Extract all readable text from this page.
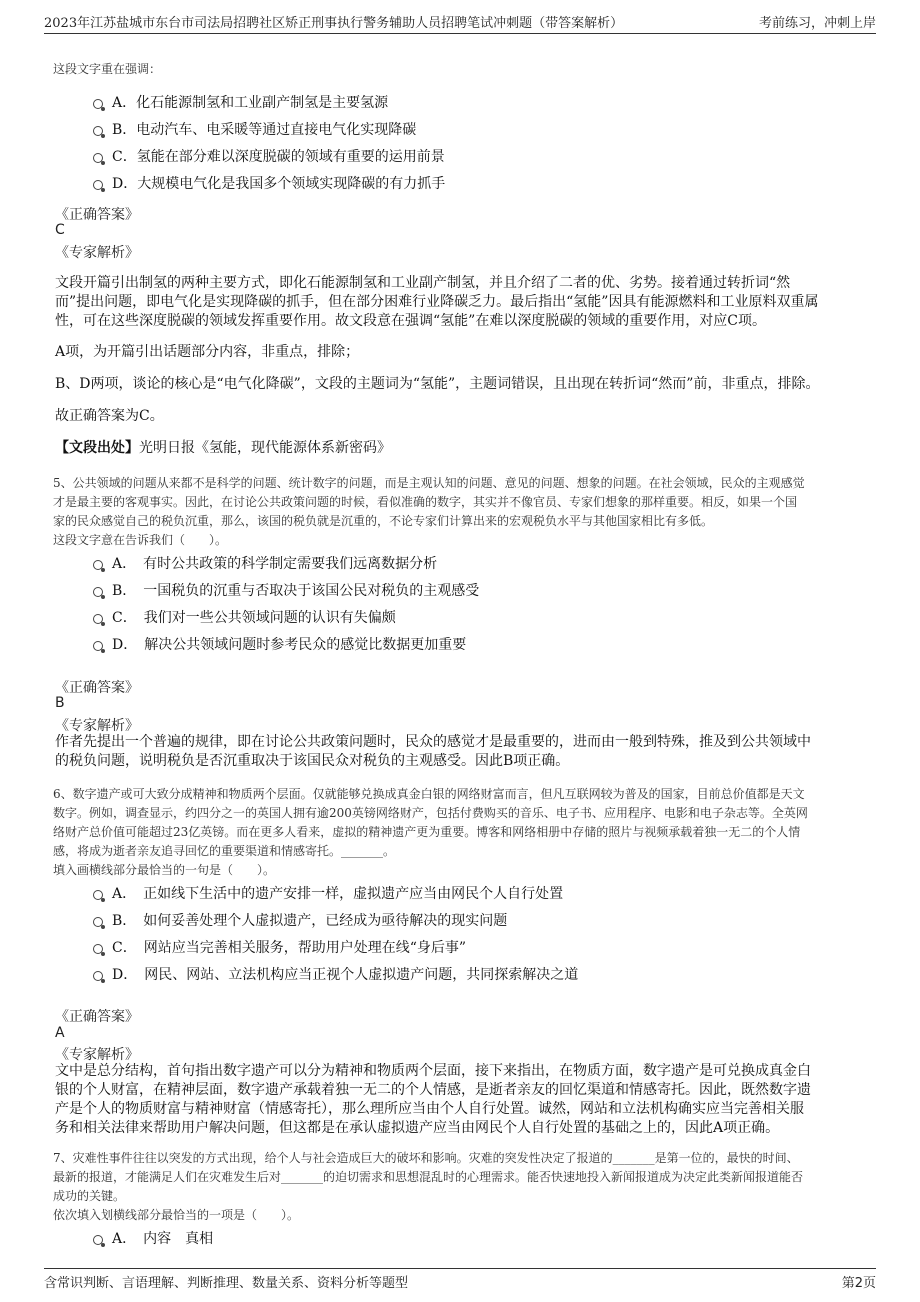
2023年江苏盐城市东台市司法局招聘社区矫正刑事执行警务辅助人员招聘笔试冲刺题（带答案解析）	考前练习，冲刺上岸
这段文字重在强调：
A．化石能源制氢和工业副产制氢是主要氢源
B．电动汽车、电采暖等通过直接电气化实现降碳
C．氢能在部分难以深度脱碳的领域有重要的运用前景
D．大规模电气化是我国多个领域实现降碳的有力抓手
《正确答案》
C
《专家解析》
文段开篇引出制氢的两种主要方式，即化石能源制氢和工业副产制氢，并且介绍了二者的优、劣势。接着通过转折词“然
而”提出问题，即电气化是实现降碳的抓手，但在部分困难行业降碳乏力。最后指出“氢能”因具有能源燃料和工业原料双重属
性，可在这些深度脱碳的领域发挥重要作用。故文段意在强调“氢能”在难以深度脱碳的领域的重要作用，对应C项。
A项，为开篇引出话题部分内容，非重点，排除；
B、D两项，谈论的核心是“电气化降碳”，文段的主题词为“氢能”，主题词错误，且出现在转折词“然而”前，非重点，排除。
故正确答案为C。
【文段出处】光明日报《氢能，现代能源体系新密码》
5、公共领域的问题从来都不是科学的问题、统计数字的问题，而是主观认知的问题、意见的问题、想象的问题。在社会领域，民众的主观感觉
才是最主要的客观事实。因此，在讨论公共政策问题的时候，看似准确的数字，其实并不像官员、专家们想象的那样重要。相反，如果一个国
家的民众感觉自己的税负沉重，那么，该国的税负就是沉重的，不论专家们计算出来的宏观税负水平与其他国家相比有多低。
这段文字意在告诉我们（　　）。
A．　有时公共政策的科学制定需要我们远离数据分析
B．　一国税负的沉重与否取决于该国公民对税负的主观感受
C．　我们对一些公共领域问题的认识有失偏颇
D．　解决公共领域问题时参考民众的感觉比数据更加重要
《正确答案》
B
《专家解析》
作者先提出一个普遍的规律，即在讨论公共政策问题时，民众的感觉才是最重要的，进而由一般到特殊，推及到公共领域中
的税负问题，说明税负是否沉重取决于该国民众对税负的主观感受。因此B项正确。
6、数字遗产或可大致分成精神和物质两个层面。仅就能够兑换成真金白银的网络财富而言，但凡互联网较为普及的国家，目前总价值都是天文
数字。例如，调查显示，约四分之一的英国人拥有逾200英镑网络财产，包括付费购买的音乐、电子书、应用程序、电影和电子杂志等。全英网
络财产总价值可能超过23亿英镑。而在更多人看来，虚拟的精神遗产更为重要。博客和网络相册中存储的照片与视频承载着独一无二的个人情
感，将成为逝者亲友追寻回忆的重要渠道和情感寄托。_______。
填入画横线部分最恰当的一句是（　　）。
A．　正如线下生活中的遗产安排一样，虚拟遗产应当由网民个人自行处置
B．　如何妥善处理个人虚拟遗产，已经成为亟待解决的现实问题
C．　网站应当完善相关服务，帮助用户处理在线“身后事”
D．　网民、网站、立法机构应当正视个人虚拟遗产问题，共同探索解决之道
《正确答案》
A
《专家解析》
文中是总分结构，首句指出数字遗产可以分为精神和物质两个层面，接下来指出，在物质方面，数字遗产是可兑换成真金白
银的个人财富，在精神层面，数字遗产承载着独一无二的个人情感，是逝者亲友的回忆渠道和情感寄托。因此，既然数字遗
产是个人的物质财富与精神财富（情感寄托），那么理所应当由个人自行处置。诚然，网站和立法机构确实应当完善相关服
务和相关法律来帮助用户解决问题，但这都是在承认虚拟遗产应当由网民个人自行处置的基础之上的，因此A项正确。
7、灾难性事件往往以突发的方式出现，给个人与社会造成巨大的破坏和影响。灾难的突发性决定了报道的_______是第一位的，最快的时间、
最新的报道，才能满足人们在灾难发生后对_______的迫切需求和思想混乱时的心理需求。能否快速地投入新闻报道成为决定此类新闻报道能否
成功的关键。
依次填入划横线部分最恰当的一项是（　　）。
A．　内容　真相
含常识判断、言语理解、判断推理、数量关系、资料分析等题型	第2页
